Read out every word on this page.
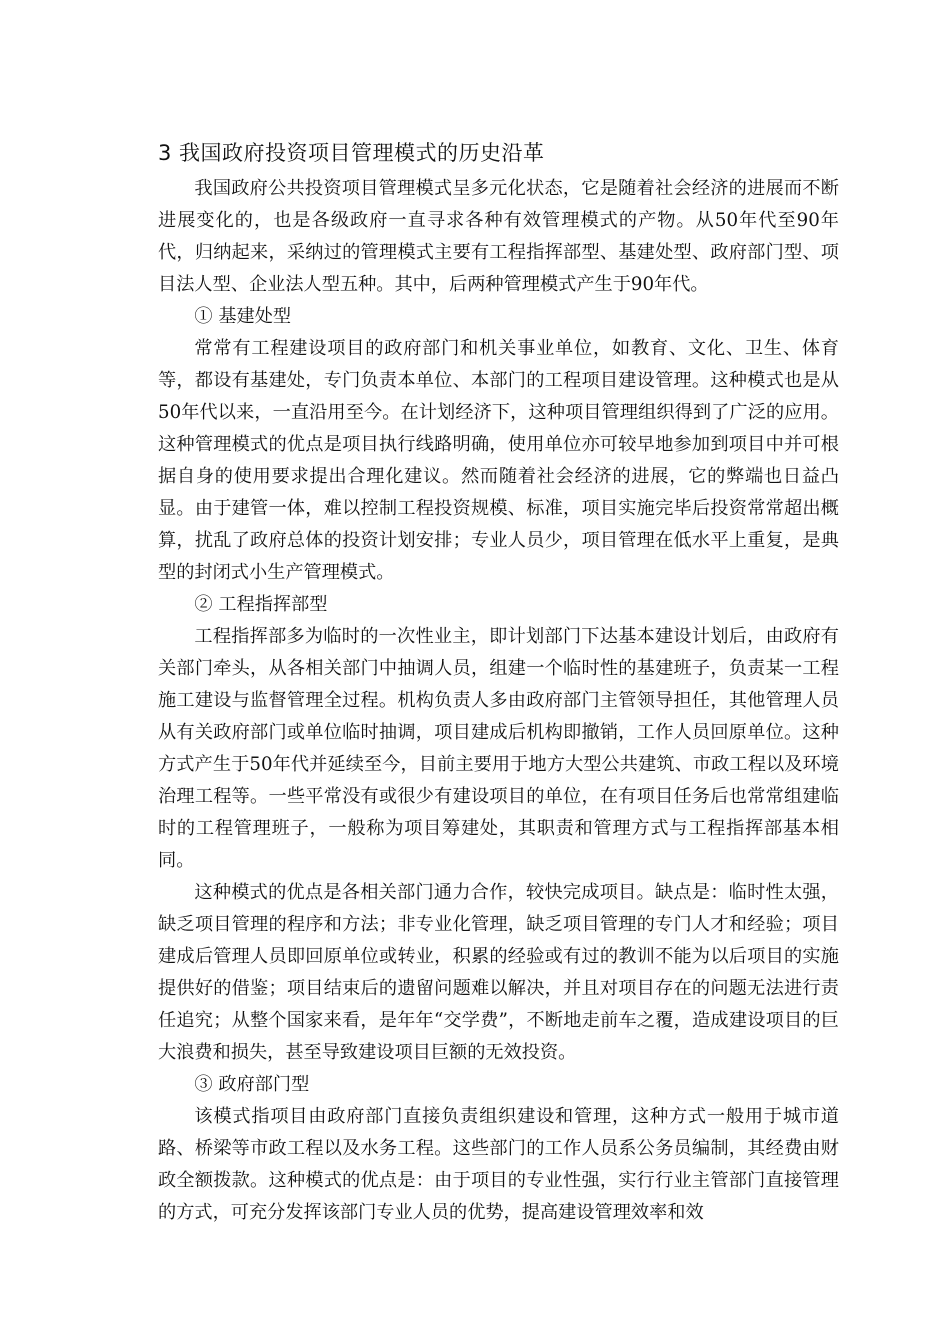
3 我国政府投资项目管理模式的历史沿革

我国政府公共投资项目管理模式呈多元化状态，它是随着社会经济的进展而不断进展变化的，也是各级政府一直寻求各种有效管理模式的产物。从50年代至90年代，归纳起来，采纳过的管理模式主要有工程指挥部型、基建处型、政府部门型、项目法人型、企业法人型五种。其中，后两种管理模式产生于90年代。

① 基建处型

常常有工程建设项目的政府部门和机关事业单位，如教育、文化、卫生、体育等，都设有基建处，专门负责本单位、本部门的工程项目建设管理。这种模式也是从50年代以来，一直沿用至今。在计划经济下，这种项目管理组织得到了广泛的应用。这种管理模式的优点是项目执行线路明确，使用单位亦可较早地参加到项目中并可根据自身的使用要求提出合理化建议。然而随着社会经济的进展，它的弊端也日益凸显。由于建管一体，难以控制工程投资规模、标准，项目实施完毕后投资常常超出概算，扰乱了政府总体的投资计划安排；专业人员少，项目管理在低水平上重复，是典型的封闭式小生产管理模式。

② 工程指挥部型

工程指挥部多为临时的一次性业主，即计划部门下达基本建设计划后，由政府有关部门牵头，从各相关部门中抽调人员，组建一个临时性的基建班子，负责某一工程施工建设与监督管理全过程。机构负责人多由政府部门主管领导担任，其他管理人员从有关政府部门或单位临时抽调，项目建成后机构即撤销，工作人员回原单位。这种方式产生于50年代并延续至今，目前主要用于地方大型公共建筑、市政工程以及环境治理工程等。一些平常没有或很少有建设项目的单位，在有项目任务后也常常组建临时的工程管理班子，一般称为项目筹建处，其职责和管理方式与工程指挥部基本相同。

这种模式的优点是各相关部门通力合作，较快完成项目。缺点是：临时性太强，缺乏项目管理的程序和方法；非专业化管理，缺乏项目管理的专门人才和经验；项目建成后管理人员即回原单位或转业，积累的经验或有过的教训不能为以后项目的实施提供好的借鉴；项目结束后的遗留问题难以解决，并且对项目存在的问题无法进行责任追究；从整个国家来看，是年年“交学费”，不断地走前车之覆，造成建设项目的巨大浪费和损失，甚至导致建设项目巨额的无效投资。

③ 政府部门型

该模式指项目由政府部门直接负责组织建设和管理，这种方式一般用于城市道路、桥梁等市政工程以及水务工程。这些部门的工作人员系公务员编制，其经费由财政全额拨款。这种模式的优点是：由于项目的专业性强，实行行业主管部门直接管理的方式，可充分发挥该部门专业人员的优势，提高建设管理效率和效
